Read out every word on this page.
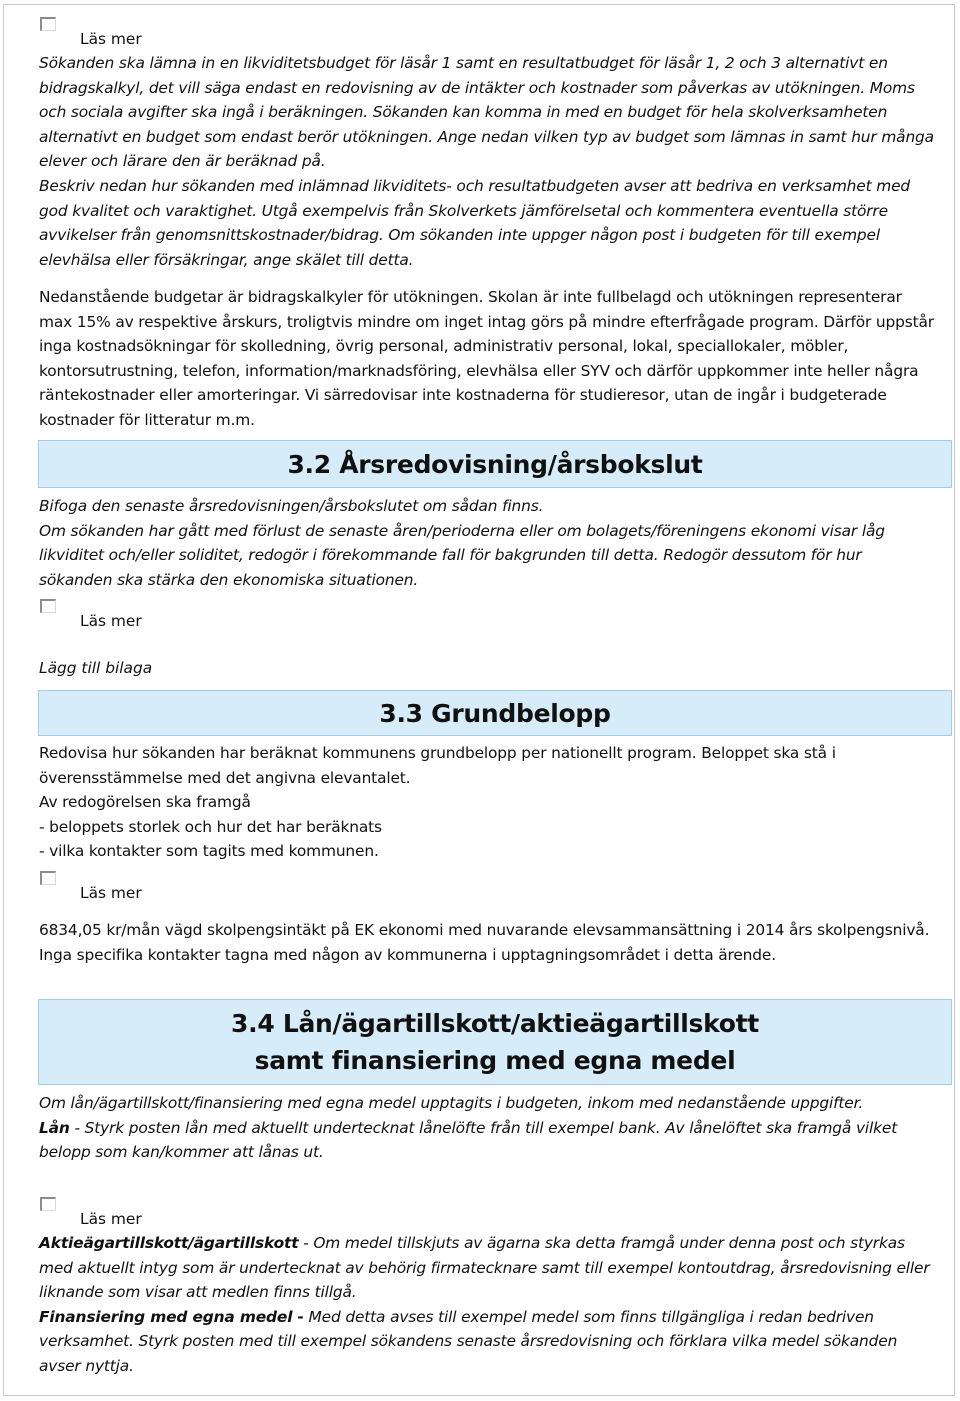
Läs mer

Sökanden ska lämna in en likviditetsbudget för läsår 1 samt en resultatbudget för läsår 1, 2 och 3 alternativt en bidragskalkyl, det vill säga endast en redovisning av de intäkter och kostnader som påverkas av utökningen. Moms och sociala avgifter ska ingå i beräkningen. Sökanden kan komma in med en budget för hela skolverksamheten alternativt en budget som endast berör utökningen. Ange nedan vilken typ av budget som lämnas in samt hur många elever och lärare den är beräknad på.

Beskriv nedan hur sökanden med inlämnad likviditets- och resultatbudgeten avser att bedriva en verksamhet med god kvalitet och varaktighet. Utgå exempelvis från Skolverkets jämförelsetal och kommentera eventuella större avvikelser från genomsnittskostnader/bidrag. Om sökanden inte uppger någon post i budgeten för till exempel elevhälsa eller försäkringar, ange skälet till detta.

Nedanstående budgetar är bidragskalkyler för utökningen. Skolan är inte fullbelagd och utökningen representerar max 15% av respektive årskurs, troligtvis mindre om inget intag görs på mindre efterfrågade program. Därför uppstår inga kostnadsökningar för skolledning, övrig personal, administrativ personal, lokal, speciallokaler, möbler, kontorsutrustning, telefon, information/marknadsföring, elevhälsa eller SYV och därför uppkommer inte heller några räntekostnader eller amorteringar. Vi särredovisar inte kostnaderna för studieresor, utan de ingår i budgeterade kostnader för litteratur m.m.

3.2 Årsredovisning/årsbokslut

Bifoga den senaste årsredovisningen/årsbokslutet om sådan finns.
Om sökanden har gått med förlust de senaste åren/perioderna eller om bolagets/föreningens ekonomi visar låg likviditet och/eller soliditet, redogör i förekommande fall för bakgrunden till detta. Redogör dessutom för hur sökanden ska stärka den ekonomiska situationen.

Läs mer
Lägg till bilaga
3.3 Grundbelopp

Redovisa hur sökanden har beräknat kommunens grundbelopp per nationellt program. Beloppet ska stå i överensstämmelse med det angivna elevantalet.
Av redogörelsen ska framgå
- beloppets storlek och hur det har beräknats
- vilka kontakter som tagits med kommunen.

Läs mer

6834,05 kr/mån vägd skolpengsintäkt på EK ekonomi med nuvarande elevsammansättning i 2014 års skolpengsnivå. Inga specifika kontakter tagna med någon av kommunerna i upptagningsområdet i detta ärende.

3.4 Lån/ägartillskott/aktieägartillskott
samt finansiering med egna medel

Om lån/ägartillskott/finansiering med egna medel upptagits i budgeten, inkom med nedanstående uppgifter.

Lån - Styrk posten lån med aktuellt undertecknat lånelöfte från till exempel bank. Av lånelöftet ska framgå vilket belopp som kan/kommer att lånas ut.

Läs mer

Aktieägartillskott/ägartillskott - Om medel tillskjuts av ägarna ska detta framgå under denna post och styrkas med aktuellt intyg som är undertecknat av behörig firmatecknare samt till exempel kontoutdrag, årsredovisning eller liknande som visar att medlen finns tillgå.

Finansiering med egna medel - Med detta avses till exempel medel som finns tillgängliga i redan bedriven verksamhet. Styrk posten med till exempel sökandens senaste årsredovisning och förklara vilka medel sökanden avser nyttja.
